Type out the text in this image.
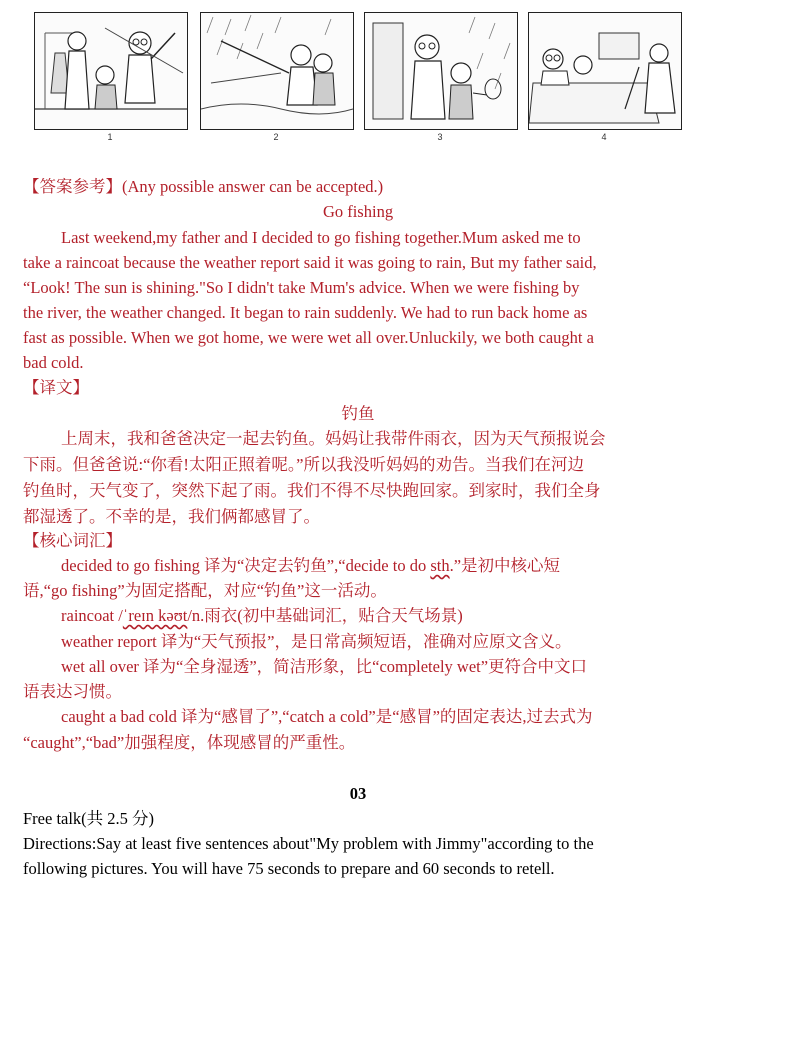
1	2	3	4
【答案参考】(Any possible answer can be accepted.)
Go fishing
Last weekend,my father and I decided to go fishing together.Mum asked me to
take a raincoat because the weather report said it was going to rain, But my father said,
“Look! The sun is shining."So I didn't take Mum's advice. When we were fishing by
the river, the weather changed. It began to rain suddenly. We had to run back home as
fast as possible. When we got home, we were wet all over.Unluckily, we both caught a
bad cold.
【译文】
钓鱼
上周末，我和爸爸决定一起去钓鱼。妈妈让我带件雨衣，因为天气预报说会
下雨。但爸爸说:“你看!太阳正照着呢。”所以我没听妈妈的劝告。当我们在河边
钓鱼时，天气变了，突然下起了雨。我们不得不尽快跑回家。到家时，我们全身
都湿透了。不幸的是，我们俩都感冒了。
【核心词汇】
decided to go fishing 译为“决定去钓鱼”,“decide to do sth.”是初中核心短
语,“go fishing”为固定搭配，对应“钓鱼”这一活动。
raincoat /ˈreɪn kəʊt/n.雨衣(初中基础词汇，贴合天气场景)
weather report 译为“天气预报”，是日常高频短语，准确对应原文含义。
wet all over 译为“全身湿透”，简洁形象，比“completely wet”更符合中文口
语表达习惯。
caught a bad cold 译为“感冒了”,“catch a cold”是“感冒”的固定表达,过去式为
“caught”,“bad”加强程度，体现感冒的严重性。
03
Free talk(共 2.5 分)
Directions:Say at least five sentences about"My problem with Jimmy"according to the
following pictures. You will have 75 seconds to prepare and 60 seconds to retell.
